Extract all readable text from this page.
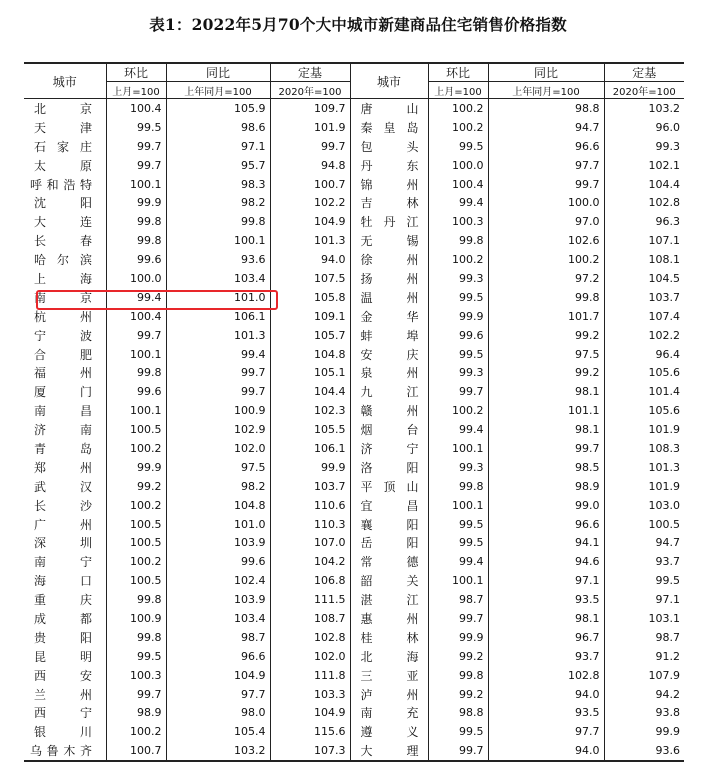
表1：2022年5月70个大中城市新建商品住宅销售价格指数
城市	环比	同比	定基	城市	环比	同比	定基
	上月=100	上年同月=100	2020年=100		上月=100	上年同月=100	2020年=100

北 京	100.4	105.9	109.7	唐 山	100.2	98.8	103.2

天 津	99.5	98.6	101.9	秦 皇 岛	100.2	94.7	96.0

石 家 庄	99.7	97.1	99.7	包 头	99.5	96.6	99.3

太 原	99.7	95.7	94.8	丹 东	100.0	97.7	102.1

呼 和 浩 特	100.1	98.3	100.7	锦 州	100.4	99.7	104.4

沈 阳	99.9	98.2	102.2	吉 林	99.4	100.0	102.8

大 连	99.8	99.8	104.9	牡 丹 江	100.3	97.0	96.3

长 春	99.8	100.1	101.3	无 锡	99.8	102.6	107.1

哈 尔 滨	99.6	93.6	94.0	徐 州	100.2	100.2	108.1

上 海	100.0	103.4	107.5	扬 州	99.3	97.2	104.5

南 京	99.4	101.0	105.8	温 州	99.5	99.8	103.7

杭 州	100.4	106.1	109.1	金 华	99.9	101.7	107.4

宁 波	99.7	101.3	105.7	蚌 埠	99.6	99.2	102.2

合 肥	100.1	99.4	104.8	安 庆	99.5	97.5	96.4

福 州	99.8	99.7	105.1	泉 州	99.3	99.2	105.6

厦 门	99.6	99.7	104.4	九 江	99.7	98.1	101.4

南 昌	100.1	100.9	102.3	赣 州	100.2	101.1	105.6

济 南	100.5	102.9	105.5	烟 台	99.4	98.1	101.9

青 岛	100.2	102.0	106.1	济 宁	100.1	99.7	108.3

郑 州	99.9	97.5	99.9	洛 阳	99.3	98.5	101.3

武 汉	99.2	98.2	103.7	平 顶 山	99.8	98.9	101.9

长 沙	100.2	104.8	110.6	宜 昌	100.1	99.0	103.0

广 州	100.5	101.0	110.3	襄 阳	99.5	96.6	100.5

深 圳	100.5	103.9	107.0	岳 阳	99.5	94.1	94.7

南 宁	100.2	99.6	104.2	常 德	99.4	94.6	93.7

海 口	100.5	102.4	106.8	韶 关	100.1	97.1	99.5

重 庆	99.8	103.9	111.5	湛 江	98.7	93.5	97.1

成 都	100.9	103.4	108.7	惠 州	99.7	98.1	103.1

贵 阳	99.8	98.7	102.8	桂 林	99.9	96.7	98.7

昆 明	99.5	96.6	102.0	北 海	99.2	93.7	91.2

西 安	100.3	104.9	111.8	三 亚	99.8	102.8	107.9

兰 州	99.7	97.7	103.3	泸 州	99.2	94.0	94.2

西 宁	98.9	98.0	104.9	南 充	98.8	93.5	93.8

银 川	100.2	105.4	115.6	遵 义	99.5	97.7	99.9

乌 鲁 木 齐	100.7	103.2	107.3	大 理	99.7	94.0	93.6
